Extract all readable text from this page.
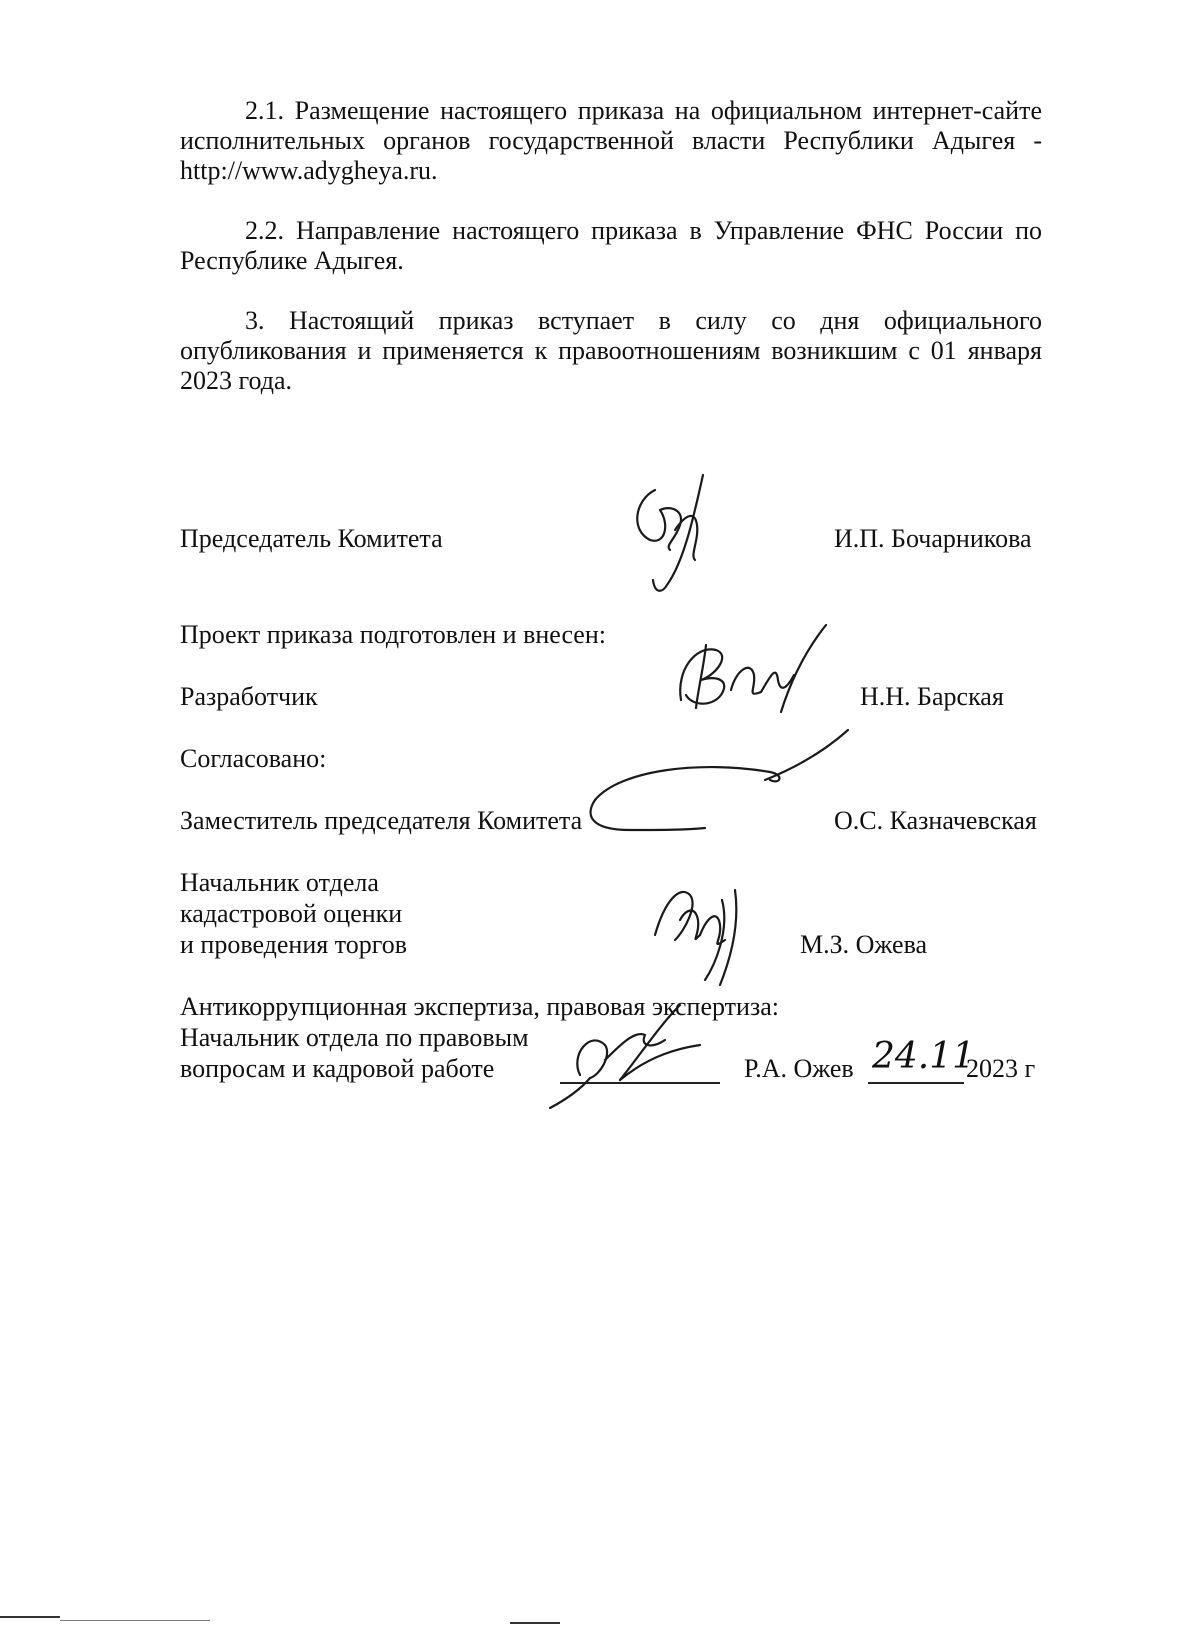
2.1. Размещение настоящего приказа на официальном интернет-сайте исполнительных органов государственной власти Республики Адыгея - http://www.adygheya.ru.
2.2. Направление настоящего приказа в Управление ФНС России по Республике Адыгея.
3. Настоящий приказ вступает в силу со дня официального опубликования и применяется к правоотношениям возникшим с 01 января 2023 года.
Председатель Комитета	И.П. Бочарникова
Проект приказа подготовлен и внесен:
Разработчик	Н.Н. Барская
Согласовано:
Заместитель председателя Комитета	О.С. Казначевская
Начальник отдела
кадастровой оценки
и проведения торгов	М.З. Ожева
Антикоррупционная экспертиза, правовая экспертиза:
Начальник отдела по правовым
вопросам и кадровой работе	Р.А. Ожев 24.11
2023 г
